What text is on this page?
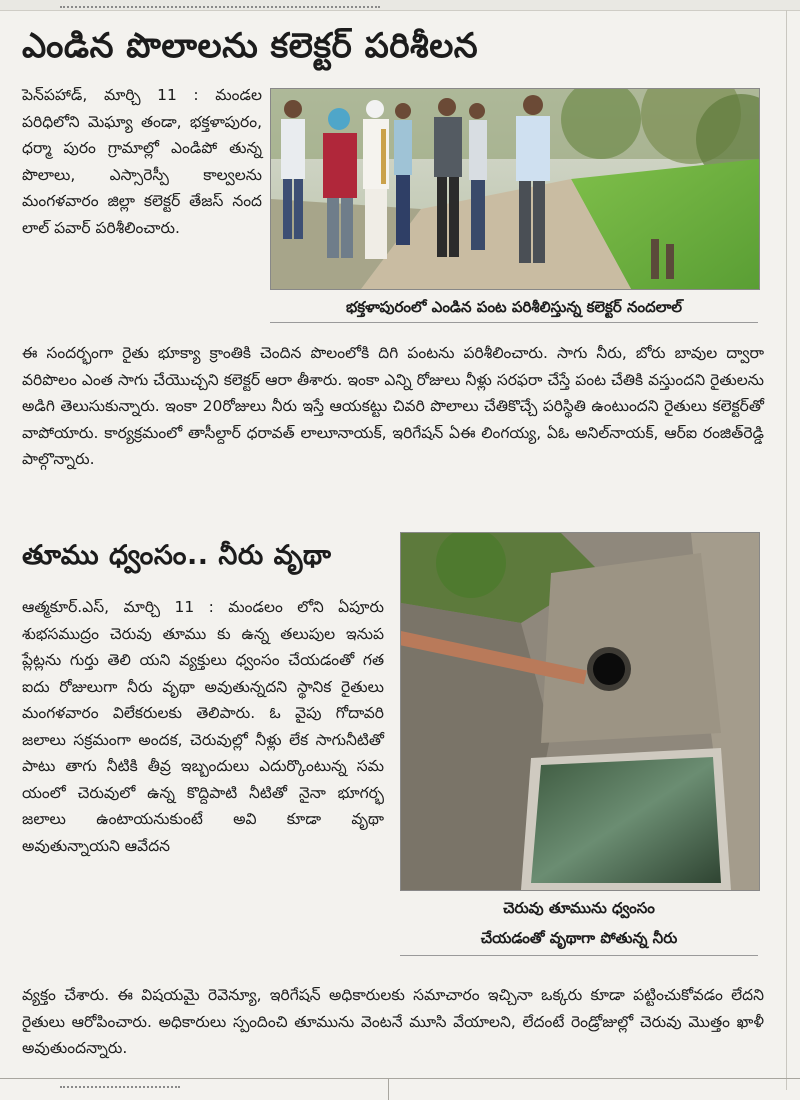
ఎండిన పొలాలను కలెక్టర్ పరిశీలన

పెన్‌పహాడ్, మార్చి 11 : మండల పరిధిలోని మెఘ్యా తండా, భక్తళాపురం, ధర్మా పురం గ్రామాల్లో ఎండిపో తున్న పొలాలు, ఎస్సారెస్పీ కాల్వలను మంగళవారం జిల్లా కలెక్టర్ తేజస్ నంద లాల్ పవార్ పరిశీలించారు.

భక్తళాపురంలో ఎండిన పంట పరిశీలిస్తున్న కలెక్టర్ నందలాల్

ఈ సందర్భంగా రైతు భూక్యా క్రాంతికి చెందిన పొలంలోకి దిగి పంటను పరిశీలించారు. సాగు నీరు, బోరు బావుల ద్వారా వరిపొలం ఎంత సాగు చేయొచ్చని కలెక్టర్ ఆరా తీశారు. ఇంకా ఎన్ని రోజులు నీళ్లు సరఫరా చేస్తే పంట చేతికి వస్తుందని రైతులను అడిగి తెలుసుకున్నారు. ఇంకా 20రోజులు నీరు ఇస్తే ఆయకట్టు చివరి పొలాలు చేతికొచ్చే పరిస్థితి ఉంటుందని రైతులు కలెక్టర్‌తో వాపోయారు. కార్యక్రమంలో తాసీల్దార్ ధరావత్ లాలూనాయక్, ఇరిగేషన్ ఏఈ లింగయ్య, ఏఓ అనిల్‌నాయక్, ఆర్ఐ రంజిత్‌రెడ్డి పాల్గొన్నారు.

తూము ధ్వంసం.. నీరు వృథా

ఆత్మకూర్.ఎస్, మార్చి 11 : మండలం లోని ఏపూరు శుభసముద్రం చెరువు తూము కు ఉన్న తలుపుల ఇనుప ప్లేట్లను గుర్తు తెలి యని వ్యక్తులు ధ్వంసం చేయడంతో గత ఐదు రోజులుగా నీరు వృథా అవుతున్నదని స్థానిక రైతులు మంగళవారం విలేకరులకు తెలిపారు. ఓ వైపు గోదావరి జలాలు సక్రమంగా అందక, చెరువుల్లో నీళ్లు లేక సాగునీటితో పాటు తాగు నీటికి తీవ్ర ఇబ్బందులు ఎదుర్కొంటున్న సమ యంలో చెరువులో ఉన్న కొద్దిపాటి నీటితో నైనా భూగర్భ జలాలు ఉంటాయనుకుంటే అవి కూడా వృథా అవుతున్నాయని ఆవేదన

చెరువు తూమును ధ్వంసం
చేయడంతో వృథాగా పోతున్న నీరు

వ్యక్తం చేశారు. ఈ విషయమై రెవెన్యూ, ఇరిగేషన్ అధికారులకు సమాచారం ఇచ్చినా ఒక్కరు కూడా పట్టించుకోవడం లేదని రైతులు ఆరోపించారు. అధికారులు స్పందించి తూమును వెంటనే మూసి వేయాలని, లేదంటే రెండ్రోజుల్లో చెరువు మొత్తం ఖాళీ అవుతుందన్నారు.
